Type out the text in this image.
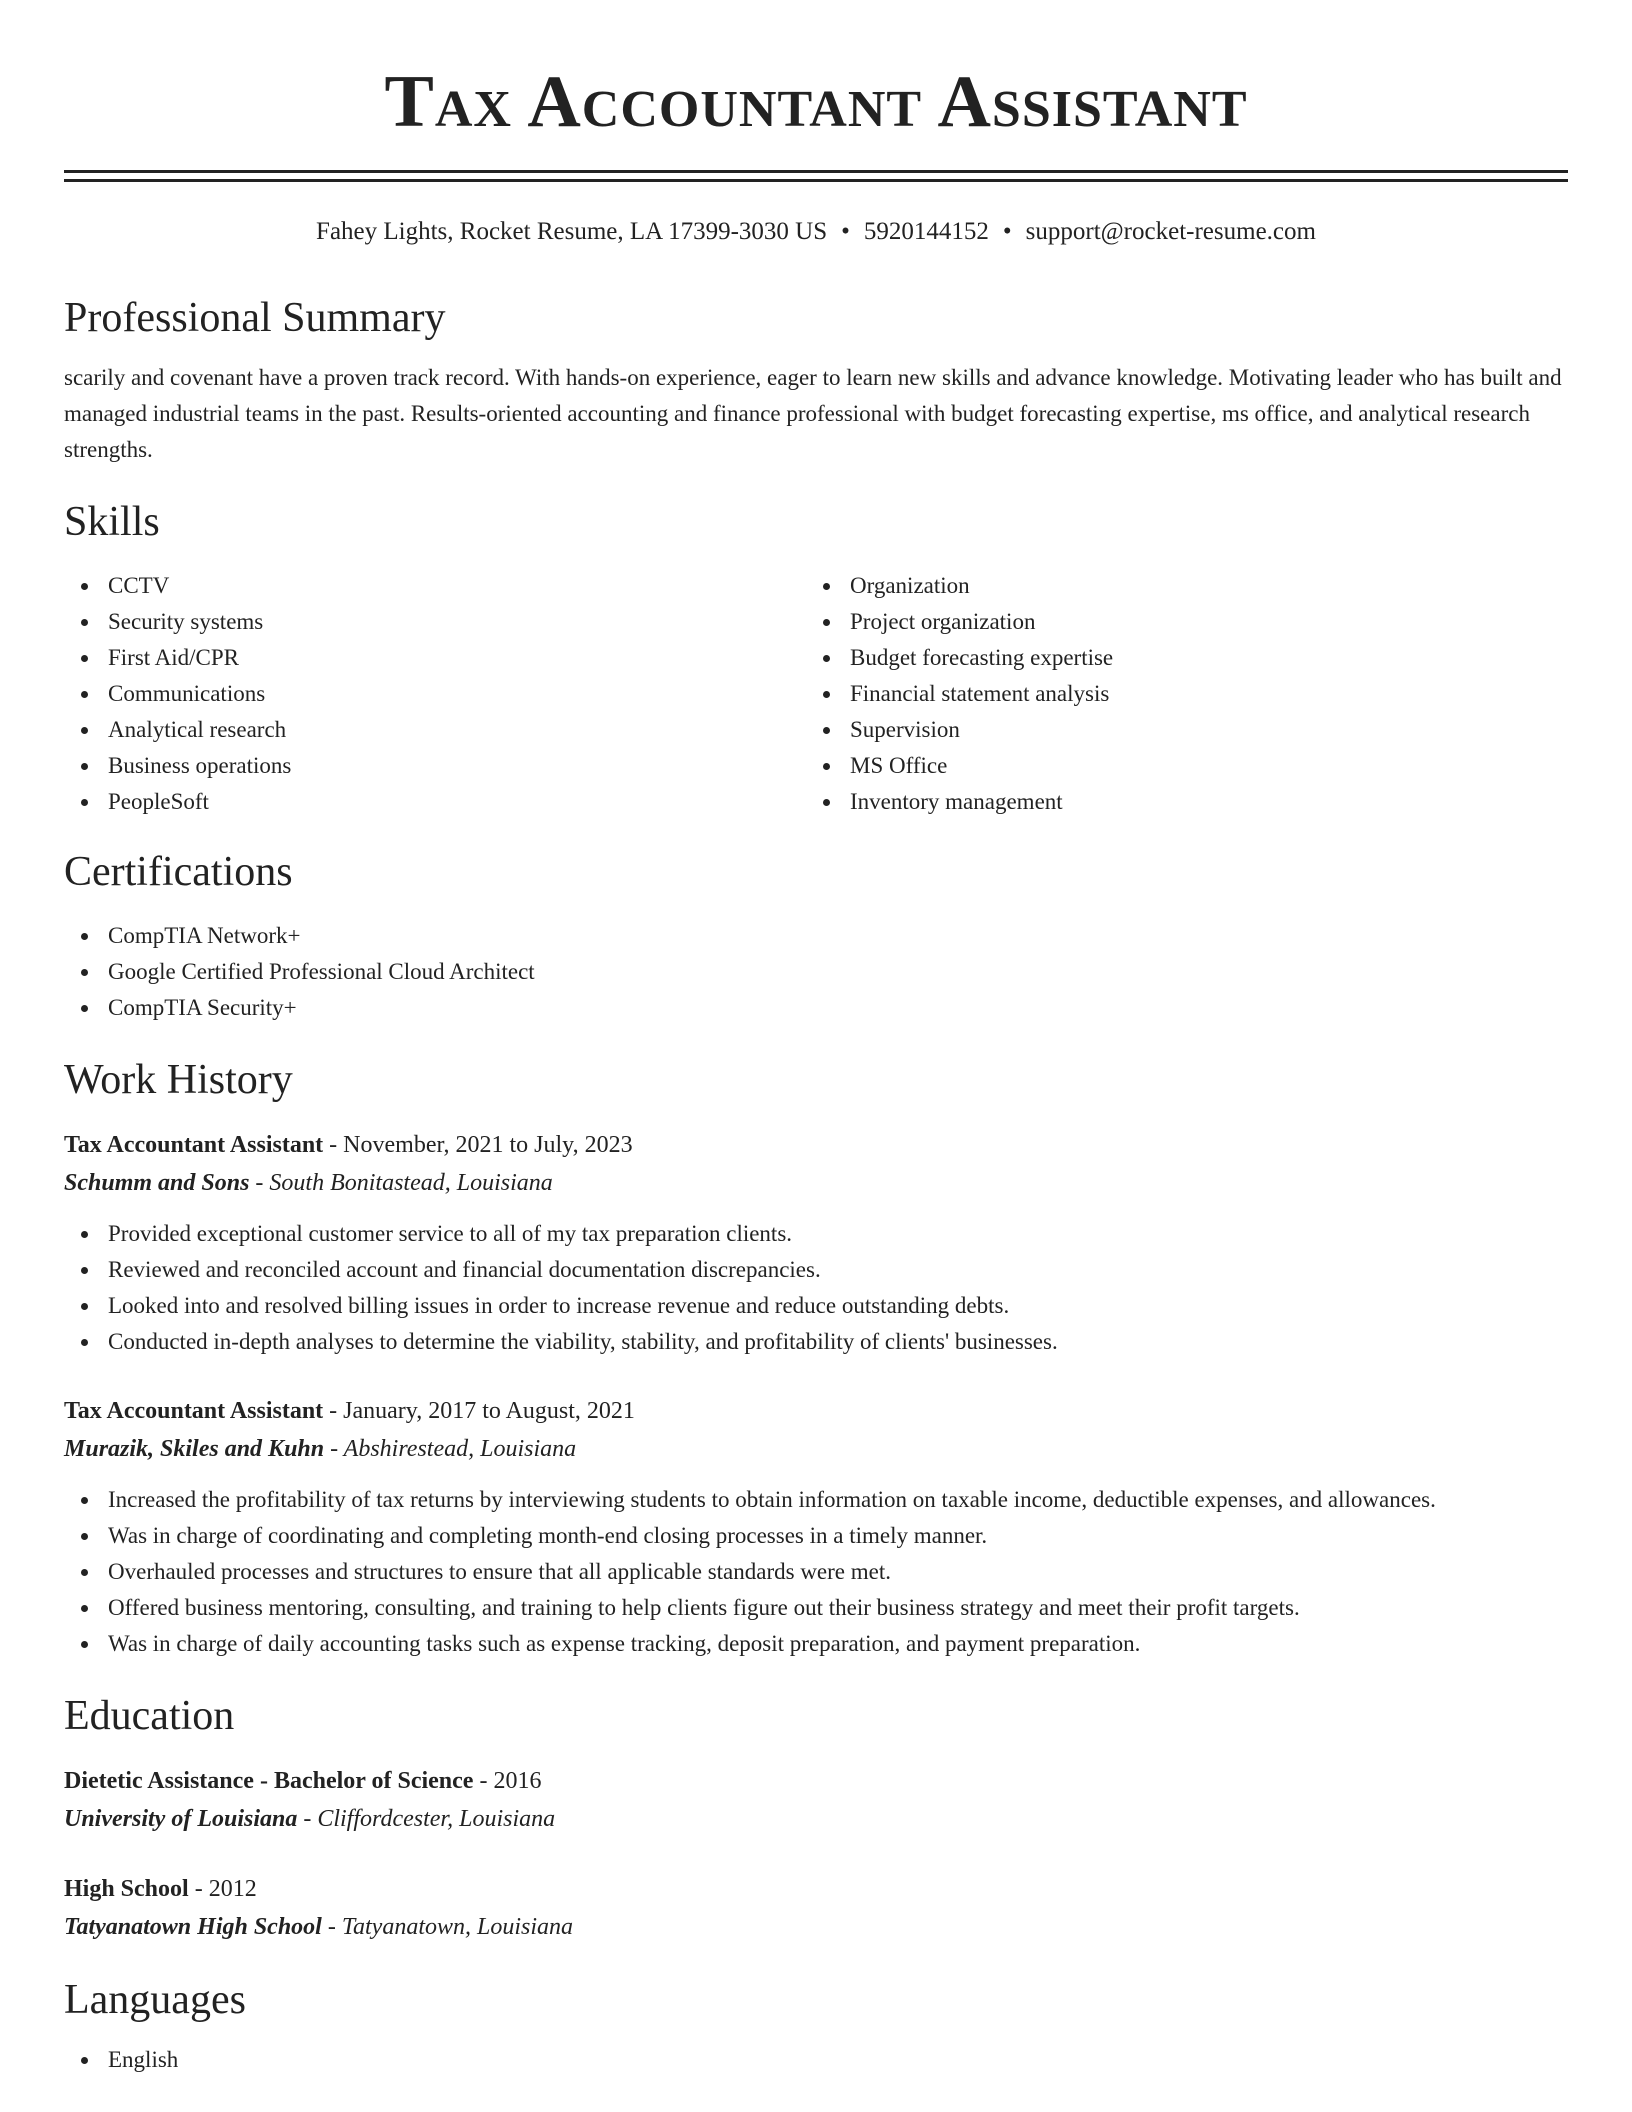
Tax Accountant Assistant
Fahey Lights, Rocket Resume, LA 17399-3030 US • 5920144152 • support@rocket-resume.com
Professional Summary

scarily and covenant have a proven track record. With hands-on experience, eager to learn new skills and advance knowledge. Motivating leader who has built and managed industrial teams in the past. Results-oriented accounting and finance professional with budget forecasting expertise, ms office, and analytical research strengths.

Skills
CCTV
Security systems
First Aid/CPR
Communications
Analytical research
Business operations
PeopleSoft
Organization
Project organization
Budget forecasting expertise
Financial statement analysis
Supervision
MS Office
Inventory management
Certifications
CompTIA Network+
Google Certified Professional Cloud Architect
CompTIA Security+
Work History
Tax Accountant Assistant - November, 2021 to July, 2023
Schumm and Sons - South Bonitastead, Louisiana
Provided exceptional customer service to all of my tax preparation clients.
Reviewed and reconciled account and financial documentation discrepancies.
Looked into and resolved billing issues in order to increase revenue and reduce outstanding debts.
Conducted in-depth analyses to determine the viability, stability, and profitability of clients' businesses.
Tax Accountant Assistant - January, 2017 to August, 2021
Murazik, Skiles and Kuhn - Abshirestead, Louisiana
Increased the profitability of tax returns by interviewing students to obtain information on taxable income, deductible expenses, and allowances.
Was in charge of coordinating and completing month-end closing processes in a timely manner.
Overhauled processes and structures to ensure that all applicable standards were met.
Offered business mentoring, consulting, and training to help clients figure out their business strategy and meet their profit targets.
Was in charge of daily accounting tasks such as expense tracking, deposit preparation, and payment preparation.
Education
Dietetic Assistance - Bachelor of Science - 2016
University of Louisiana - Cliffordcester, Louisiana
High School - 2012
Tatyanatown High School - Tatyanatown, Louisiana
Languages
English
